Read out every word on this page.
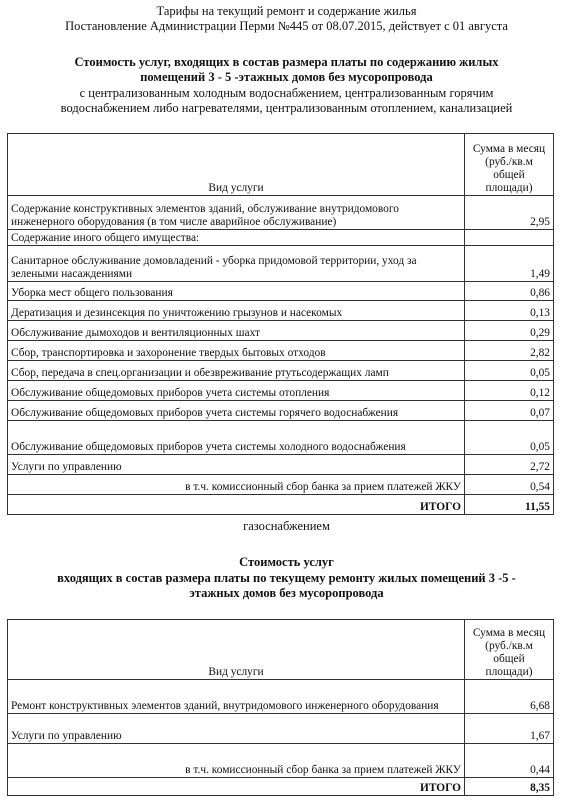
Тарифы на текущий ремонт и содержание жилья
Постановление Администрации Перми №445 от 08.07.2015, действует с 01 августа
Стоимость услуг, входящих в состав размера платы по содержанию жилых
помещений 3 - 5 -этажных домов без мусоропровода
с централизованным холодным водоснабжением, централизованным горячим
водоснабжением либо нагревателями, централизованным отоплением, канализацией
Вид услуги	Сумма в месяц
(руб./кв.м
общей
площади)

Содержание конструктивных элементов зданий, обслуживание внутридомового инженерного оборудования (в том числе аварийное обслуживание)	2,95
Содержание иного общего имущества:	
Санитарное обслуживание домовладений - уборка придомовой территории, уход за зелеными насаждениями	1,49
Уборка мест общего пользования	0,86
Дератизация и дезинсекция по уничтожению грызунов и насекомых	0,13
Обслуживание дымоходов и вентиляционных шахт	0,29
Сбор, транспортировка и захоронение твердых бытовых отходов	2,82
Сбор, передача в спец.организации и обезвреживание ртутьсодержащих ламп	0,05
Обслуживание общедомовых приборов учета системы отопления	0,12
Обслуживание общедомовых приборов учета системы горячего водоснабжения	0,07
Обслуживание общедомовых приборов учета системы холодного водоснабжения	0,05
Услуги по управлению	2,72
в т.ч. комиссионный сбор банка за прием платежей ЖКУ	0,54
ИТОГО	11,55
газоснабжением
Стоимость услуг
входящих в состав размера платы по текущему ремонту жилых помещений 3 -5 -
этажных домов без мусоропровода
Вид услуги	Сумма в месяц
(руб./кв.м
общей
площади)

Ремонт конструктивных элементов зданий, внутридомового инженерного оборудования	6,68
Услуги по управлению	1,67
в т.ч. комиссионный сбор банка за прием платежей ЖКУ	0,44
ИТОГО	8,35
